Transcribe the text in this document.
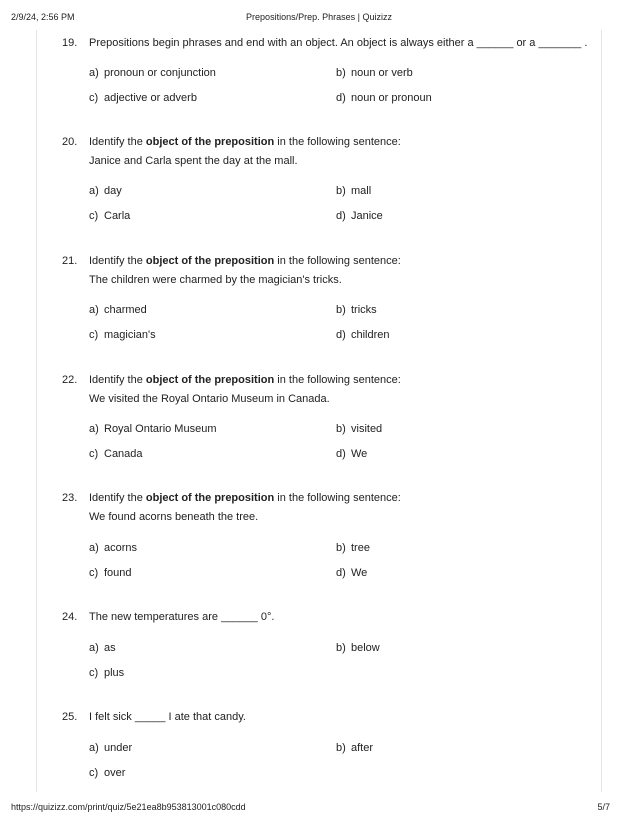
2/9/24, 2:56 PM	Prepositions/Prep. Phrases | Quizizz
19. Prepositions begin phrases and end with an object. An object is always either a ______ or a _______ .
a) pronoun or conjunction	b) noun or verb
c) adjective or adverb	d) noun or pronoun
20. Identify the object of the preposition in the following sentence:
Janice and Carla spent the day at the mall.
a) day	b) mall
c) Carla	d) Janice
21. Identify the object of the preposition in the following sentence:
The children were charmed by the magician's tricks.
a) charmed	b) tricks
c) magician's	d) children
22. Identify the object of the preposition in the following sentence:
We visited the Royal Ontario Museum in Canada.
a) Royal Ontario Museum	b) visited
c) Canada	d) We
23. Identify the object of the preposition in the following sentence:
We found acorns beneath the tree.
a) acorns	b) tree
c) found	d) We
24. The new temperatures are ______ 0°.
a) as	b) below
c) plus
25. I felt sick _____ I ate that candy.
a) under	b) after
c) over
https://quizizz.com/print/quiz/5e21ea8b953813001c080cdd	5/7
